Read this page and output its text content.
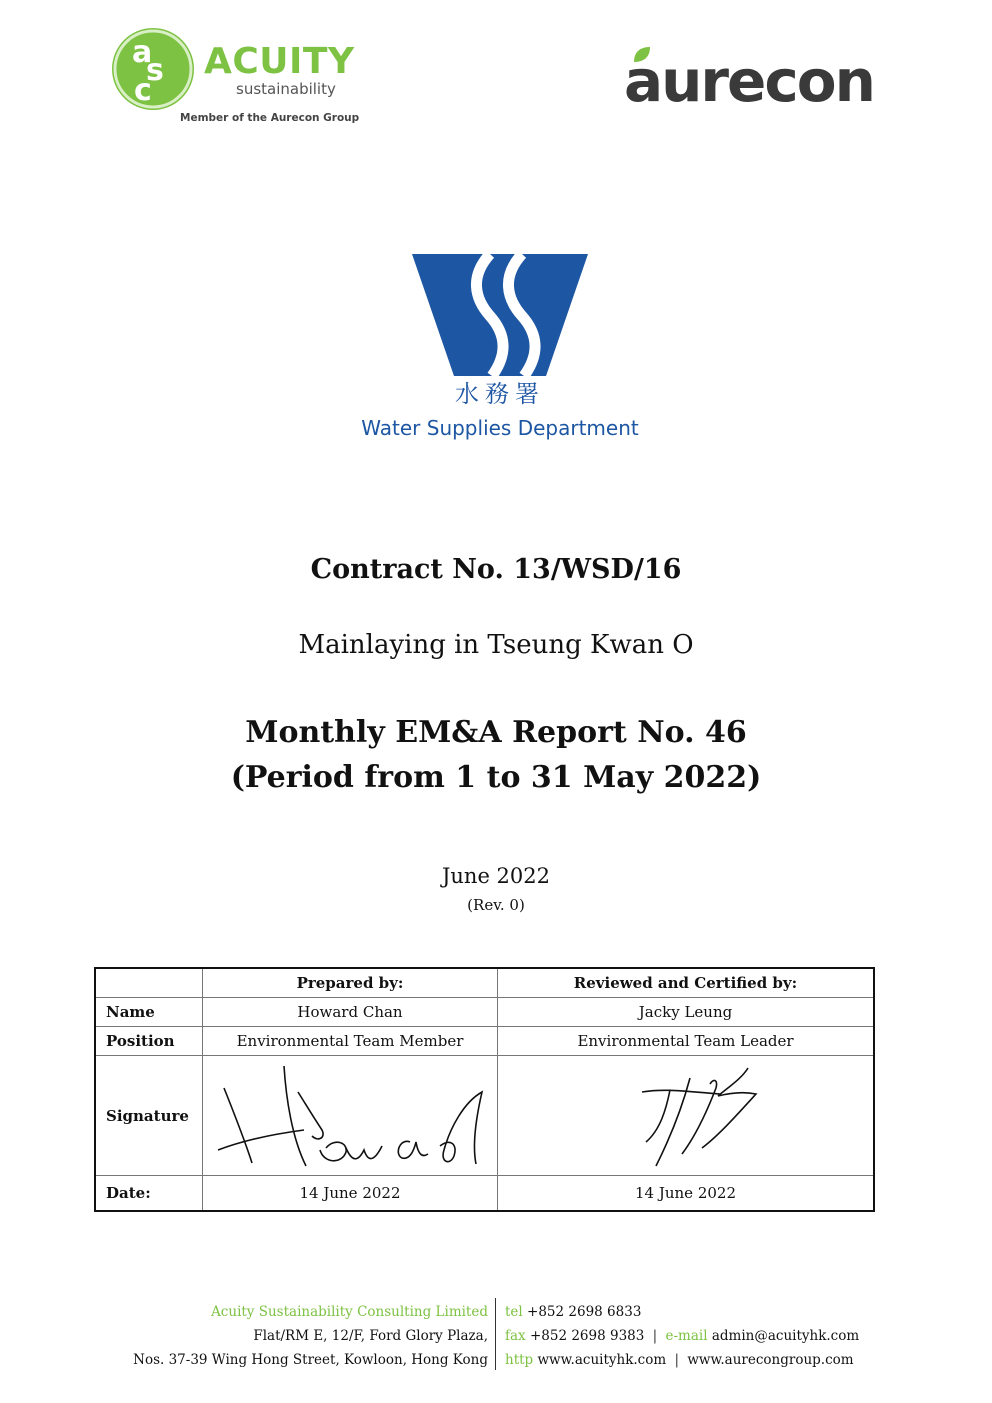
a
s
c
ACUITY
sustainability
Member of the Aurecon Group
aurecon
水務署
Water Supplies Department
Contract No. 13/WSD/16
Mainlaying in Tseung Kwan O
Monthly EM&A Report No. 46
(Period from 1 to 31 May 2022)
June 2022
(Rev. 0)
	Prepared by:	Reviewed and Certified by:
Name	Howard Chan	Jacky Leung
Position	Environmental Team Member	Environmental Team Leader
Signature		
Date:	14 June 2022	14 June 2022
Acuity Sustainability Consulting Limited
Flat/RM E, 12/F, Ford Glory Plaza,
Nos. 37-39 Wing Hong Street, Kowloon, Hong Kong
tel +852 2698 6833
fax +852 2698 9383 | e-mail admin@acuityhk.com
http www.acuityhk.com | www.aurecongroup.com
